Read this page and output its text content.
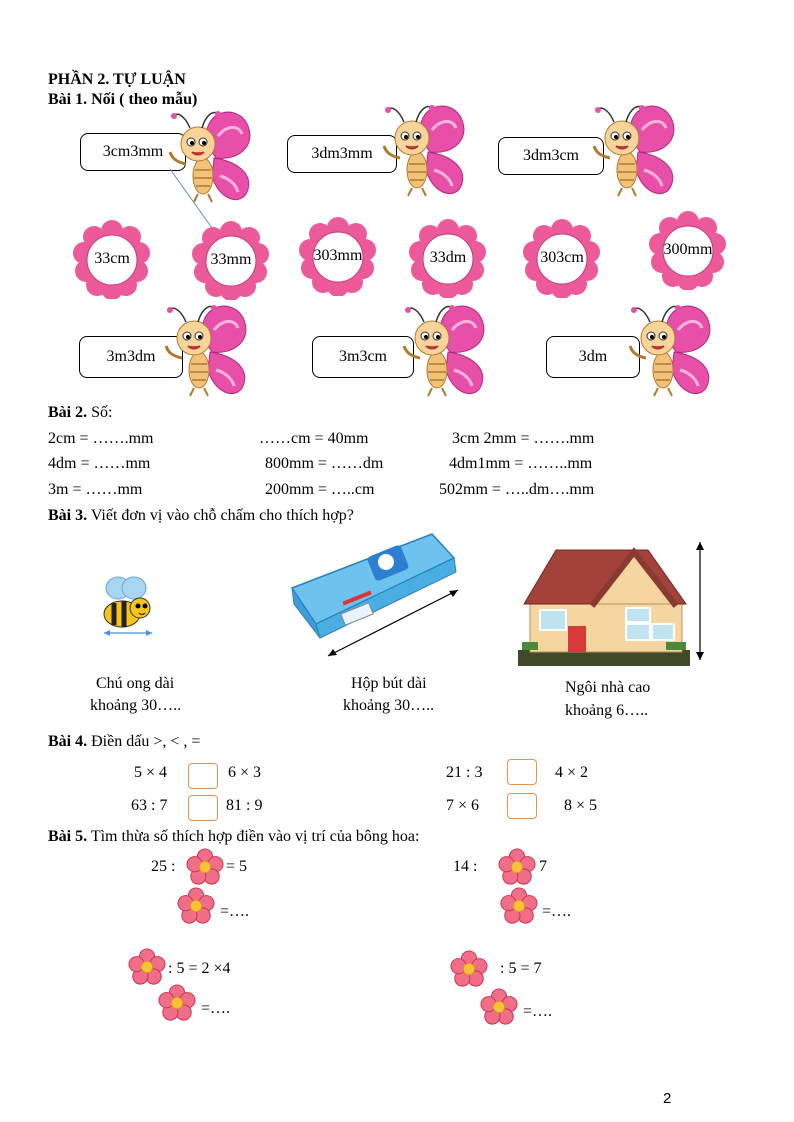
PHẦN 2. TỰ LUẬN
Bài 1. Nối ( theo mẫu)
3cm3mm	3dm3mm	3dm3cm
33cm	33mm	303mm	33dm	303cm	300mm
3m3dm	3m3cm	3dm
Bài 2. Số:
2cm = …….mm	……cm = 40mm	3cm 2mm = …….mm
4dm = ……mm	800mm = ……dm	4dm1mm = ……..mm
3m = ……mm	200mm = …..cm	502mm = …..dm….mm
Bài 3. Viết đơn vị vào chỗ chấm cho thích hợp?
Chú ong dài
khoảng 30…..
Hộp bút dài
khoảng 30…..
Ngôi nhà cao
khoảng 6…..
Bài 4. Điền dấu >, < , =
5 × 4	6 × 3
63 : 7	81 : 9
21 : 3	4 × 2
7 × 6	8 × 5
Bài 5. Tìm thừa số thích hợp điền vào vị trí của bông hoa:
25 :	= 5
=….
14 :	7
=….
: 5 = 2 ×4
=….
: 5 = 7
=….
2
